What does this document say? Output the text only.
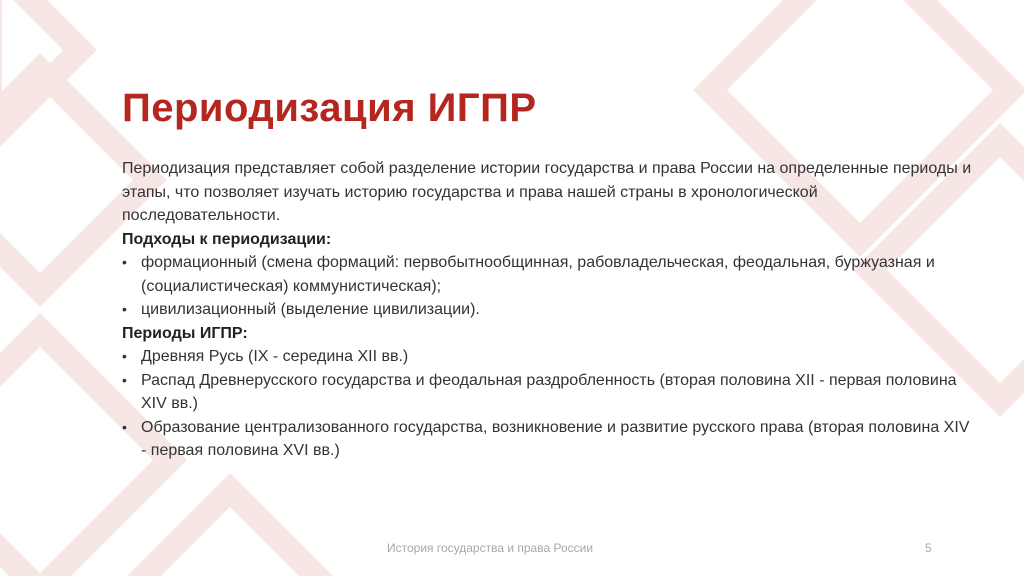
Периодизация ИГПР

Периодизация представляет собой разделение истории государства и права России на определенные периоды и этапы, что позволяет изучать историю государства и права нашей страны в хронологической последовательности.

Подходы к периодизации:

• формационный (смена формаций: первобытнообщинная, рабовладельческая, феодальная, буржуазная и (социалистическая) коммунистическая);
• цивилизационный (выделение цивилизации).

Периоды ИГПР:

• Древняя Русь (IX - середина XII вв.)
• Распад Древнерусского государства и феодальная раздробленность (вторая половина XII - первая половина XIV вв.)
• Образование централизованного государства, возникновение и развитие русского права (вторая половина XIV - первая половина XVI вв.)
История государства и права России	5
